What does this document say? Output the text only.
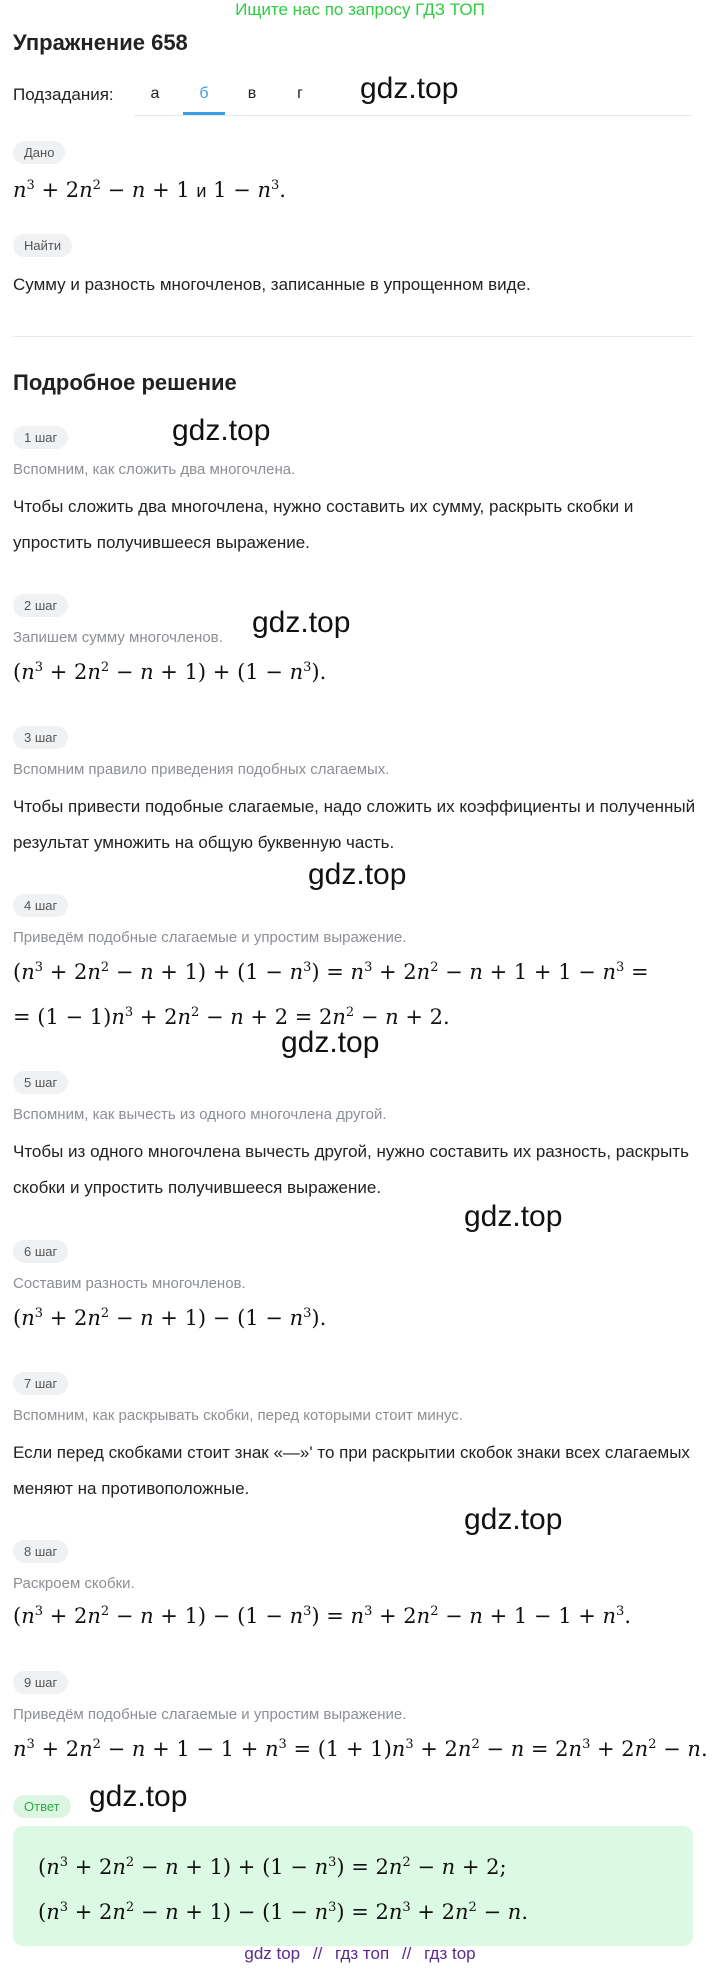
Ищите нас по запросу ГДЗ ТОП
Упражнение 658
Подзадания:	а	б	в	г	gdz.top
gdz.top
gdz.top
gdz.top
gdz.top
gdz.top
gdz.top
gdz.top
Дано
$n^3 + 2n^2 - n + 1$ и $1 - n^3$.
Найти
Сумму и разность многочленов, записанные в упрощенном виде.
Подробное решение
1 шаг
Вспомним, как сложить два многочлена.
Чтобы сложить два многочлена, нужно составить их сумму, раскрыть скобки и упростить получившееся выражение.
2 шаг
Запишем сумму многочленов.
$(n^3 + 2n^2 - n + 1) + (1 - n^3)$.
3 шаг
Вспомним правило приведения подобных слагаемых.
Чтобы привести подобные слагаемые, надо сложить их коэффициенты и полученный результат умножить на общую буквенную часть.
4 шаг
Приведём подобные слагаемые и упростим выражение.
$(n^3 + 2n^2 - n + 1) + (1 - n^3) = n^3 + 2n^2 - n + 1 + 1 - n^3$ =
= $(1 - 1)n^3 + 2n^2 - n + 2 = 2n^2 - n + 2$.
5 шаг
Вспомним, как вычесть из одного многочлена другой.
Чтобы из одного многочлена вычесть другой, нужно составить их разность, раскрыть скобки и упростить получившееся выражение.
6 шаг
Составим разность многочленов.
$(n^3 + 2n^2 - n + 1) - (1 - n^3)$.
7 шаг
Вспомним, как раскрывать скобки, перед которыми стоит минус.
Если перед скобками стоит знак «—»' то при раскрытии скобок знаки всех слагаемых меняют на противоположные.
8 шаг
Раскроем скобки.
$(n^3 + 2n^2 - n + 1) - (1 - n^3) = n^3 + 2n^2 - n + 1 - 1 + n^3$.
9 шаг
Приведём подобные слагаемые и упростим выражение.
$n^3 + 2n^2 - n + 1 - 1 + n^3 = (1 + 1)n^3 + 2n^2 - n = 2n^3 + 2n^2 - n$.
Ответ
$(n^3 + 2n^2 - n + 1) + (1 - n^3) = 2n^2 - n + 2$;
$(n^3 + 2n^2 - n + 1) - (1 - n^3) = 2n^3 + 2n^2 - n$.
gdz top // гдз топ // гдз top
